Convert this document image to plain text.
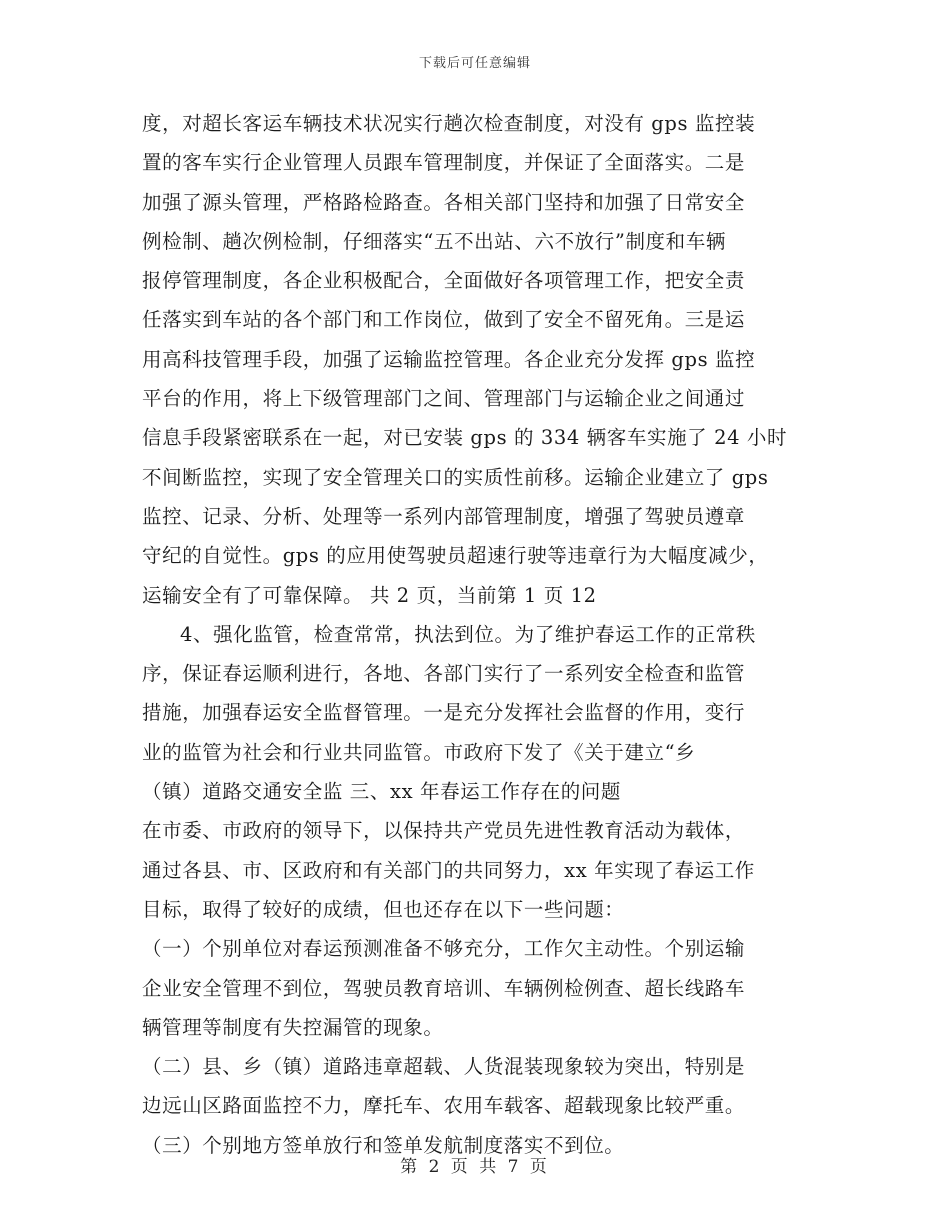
下载后可任意编辑
度，对超长客运车辆技术状况实行趟次检查制度，对没有 gps 监控装
置的客车实行企业管理人员跟车管理制度，并保证了全面落实。二是
加强了源头管理，严格路检路查。各相关部门坚持和加强了日常安全
例检制、趟次例检制，仔细落实“五不出站、六不放行”制度和车辆
报停管理制度，各企业积极配合，全面做好各项管理工作，把安全责
任落实到车站的各个部门和工作岗位，做到了安全不留死角。三是运
用高科技管理手段，加强了运输监控管理。各企业充分发挥 gps 监控
平台的作用，将上下级管理部门之间、管理部门与运输企业之间通过
信息手段紧密联系在一起，对已安装 gps 的 334 辆客车实施了 24 小时
不间断监控，实现了安全管理关口的实质性前移。运输企业建立了 gps
监控、记录、分析、处理等一系列内部管理制度，增强了驾驶员遵章
守纪的自觉性。gps 的应用使驾驶员超速行驶等违章行为大幅度减少，
运输安全有了可靠保障。 共 2 页，当前第 1 页 12
4、强化监管，检查常常，执法到位。为了维护春运工作的正常秩
序，保证春运顺利进行，各地、各部门实行了一系列安全检查和监管
措施，加强春运安全监督管理。一是充分发挥社会监督的作用，变行
业的监管为社会和行业共同监管。市政府下发了《关于建立“乡
（镇）道路交通安全监 三、xx 年春运工作存在的问题
在市委、市政府的领导下，以保持共产党员先进性教育活动为载体，
通过各县、市、区政府和有关部门的共同努力，xx 年实现了春运工作
目标，取得了较好的成绩，但也还存在以下一些问题：
（一）个别单位对春运预测准备不够充分，工作欠主动性。个别运输
企业安全管理不到位，驾驶员教育培训、车辆例检例查、超长线路车
辆管理等制度有失控漏管的现象。
（二）县、乡（镇）道路违章超载、人货混装现象较为突出，特别是
边远山区路面监控不力，摩托车、农用车载客、超载现象比较严重。
（三）个别地方签单放行和签单发航制度落实不到位。
第 2 页 共 7 页
